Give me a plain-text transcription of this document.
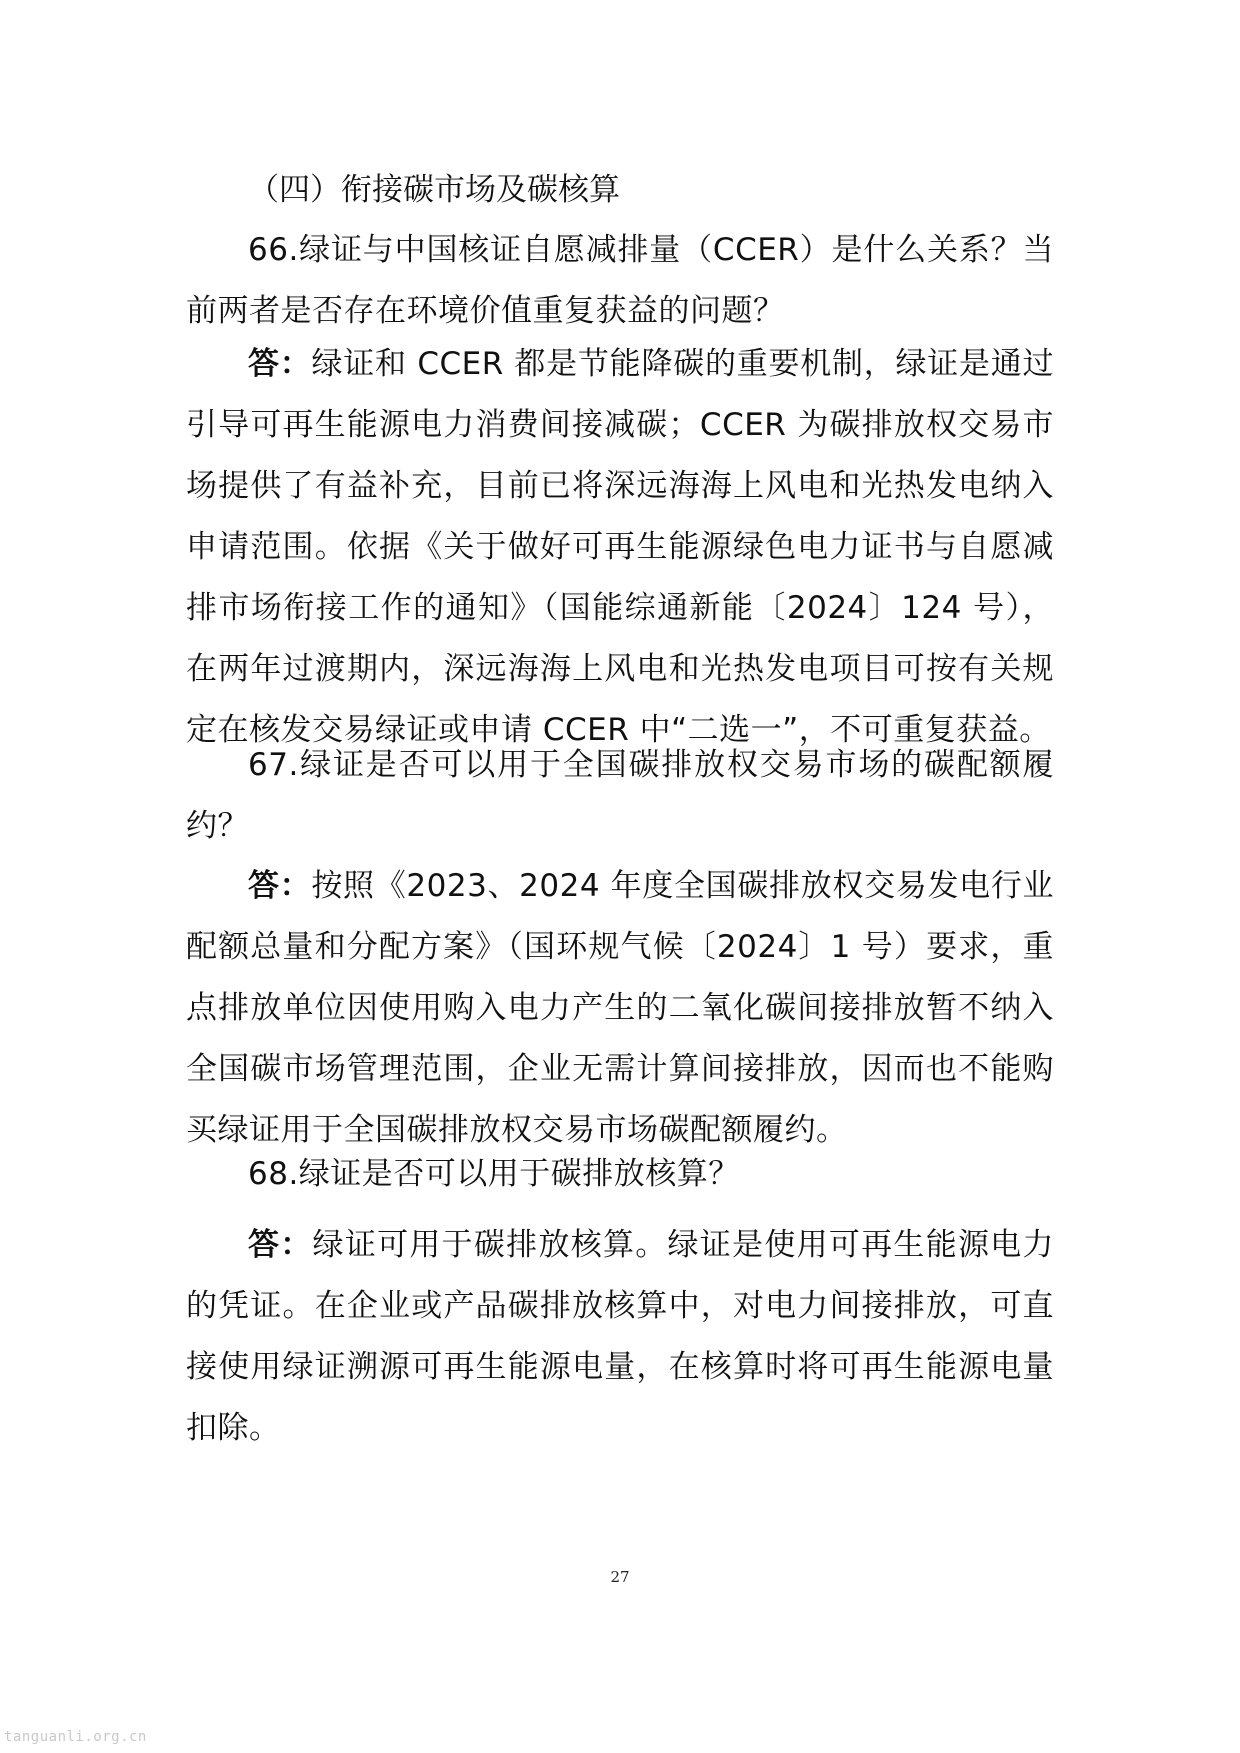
（四）衔接碳市场及碳核算

66.绿证与中国核证自愿减排量（CCER）是什么关系？当前两者是否存在环境价值重复获益的问题？

答：绿证和 CCER 都是节能降碳的重要机制，绿证是通过引导可再生能源电力消费间接减碳；CCER 为碳排放权交易市场提供了有益补充，目前已将深远海海上风电和光热发电纳入申请范围。依据《关于做好可再生能源绿色电力证书与自愿减排市场衔接工作的通知》（国能综通新能〔2024〕124 号），在两年过渡期内，深远海海上风电和光热发电项目可按有关规定在核发交易绿证或申请 CCER 中“二选一”，不可重复获益。

67.绿证是否可以用于全国碳排放权交易市场的碳配额履约？

答：按照《2023、2024 年度全国碳排放权交易发电行业配额总量和分配方案》（国环规气候〔2024〕1 号）要求，重点排放单位因使用购入电力产生的二氧化碳间接排放暂不纳入全国碳市场管理范围，企业无需计算间接排放，因而也不能购买绿证用于全国碳排放权交易市场碳配额履约。

68.绿证是否可以用于碳排放核算？

答：绿证可用于碳排放核算。绿证是使用可再生能源电力的凭证。在企业或产品碳排放核算中，对电力间接排放，可直接使用绿证溯源可再生能源电量，在核算时将可再生能源电量扣除。

27
tanguanli.org.cn
